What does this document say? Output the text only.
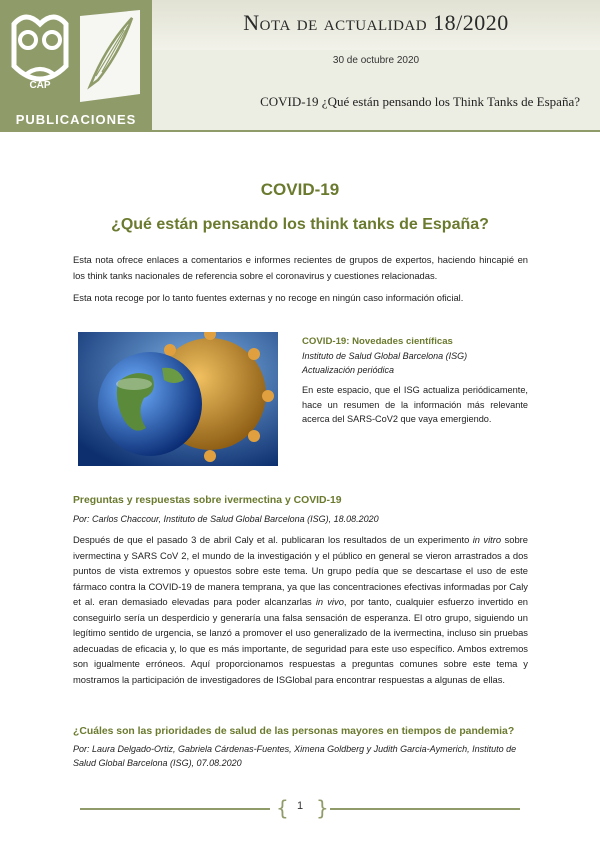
CAP
PUBLICACIONES
Nota de actualidad 18/2020
30 de octubre 2020
COVID-19 ¿Qué están pensando los Think Tanks de España?
COVID-19
¿Qué están pensando los think tanks de España?

Esta nota ofrece enlaces a comentarios e informes recientes de grupos de expertos, haciendo hincapié en los think tanks nacionales de referencia sobre el coronavirus y cuestiones relacionadas.

Esta nota recoge por lo tanto fuentes externas y no recoge en ningún caso información oficial.

COVID-19: Novedades científicas
Instituto de Salud Global Barcelona (ISG)
Actualización periódica
En este espacio, que el ISG actualiza periódicamente, hace un resumen de la información más relevante acerca del SARS-CoV2 que vaya emergiendo.
Preguntas y respuestas sobre ivermectina y COVID-19
Por: Carlos Chaccour, Instituto de Salud Global Barcelona (ISG), 18.08.2020

Después de que el pasado 3 de abril Caly et al. publicaran los resultados de un experimento in vitro sobre ivermectina y SARS CoV 2, el mundo de la investigación y el público en general se vieron arrastrados a dos puntos de vista extremos y opuestos sobre este tema. Un grupo pedía que se descartase el uso de este fármaco contra la COVID-19 de manera temprana, ya que las concentraciones efectivas informadas por Caly et al. eran demasiado elevadas para poder alcanzarlas in vivo, por tanto, cualquier esfuerzo invertido en conseguirlo sería un desperdicio y generaría una falsa sensación de esperanza. El otro grupo, siguiendo un legítimo sentido de urgencia, se lanzó a promover el uso generalizado de la ivermectina, incluso sin pruebas adecuadas de eficacia y, lo que es más importante, de seguridad para este uso específico. Ambos extremos son igualmente erróneos. Aquí proporcionamos respuestas a preguntas comunes sobre este tema y mostramos la participación de investigadores de ISGlobal para encontrar respuestas a algunas de ellas.

¿Cuáles son las prioridades de salud de las personas mayores en tiempos de pandemia?
Por: Laura Delgado-Ortiz, Gabriela Cárdenas-Fuentes, Ximena Goldberg y Judith Garcia-Aymerich, Instituto de Salud Global Barcelona (ISG), 07.08.2020
{ 1 }
